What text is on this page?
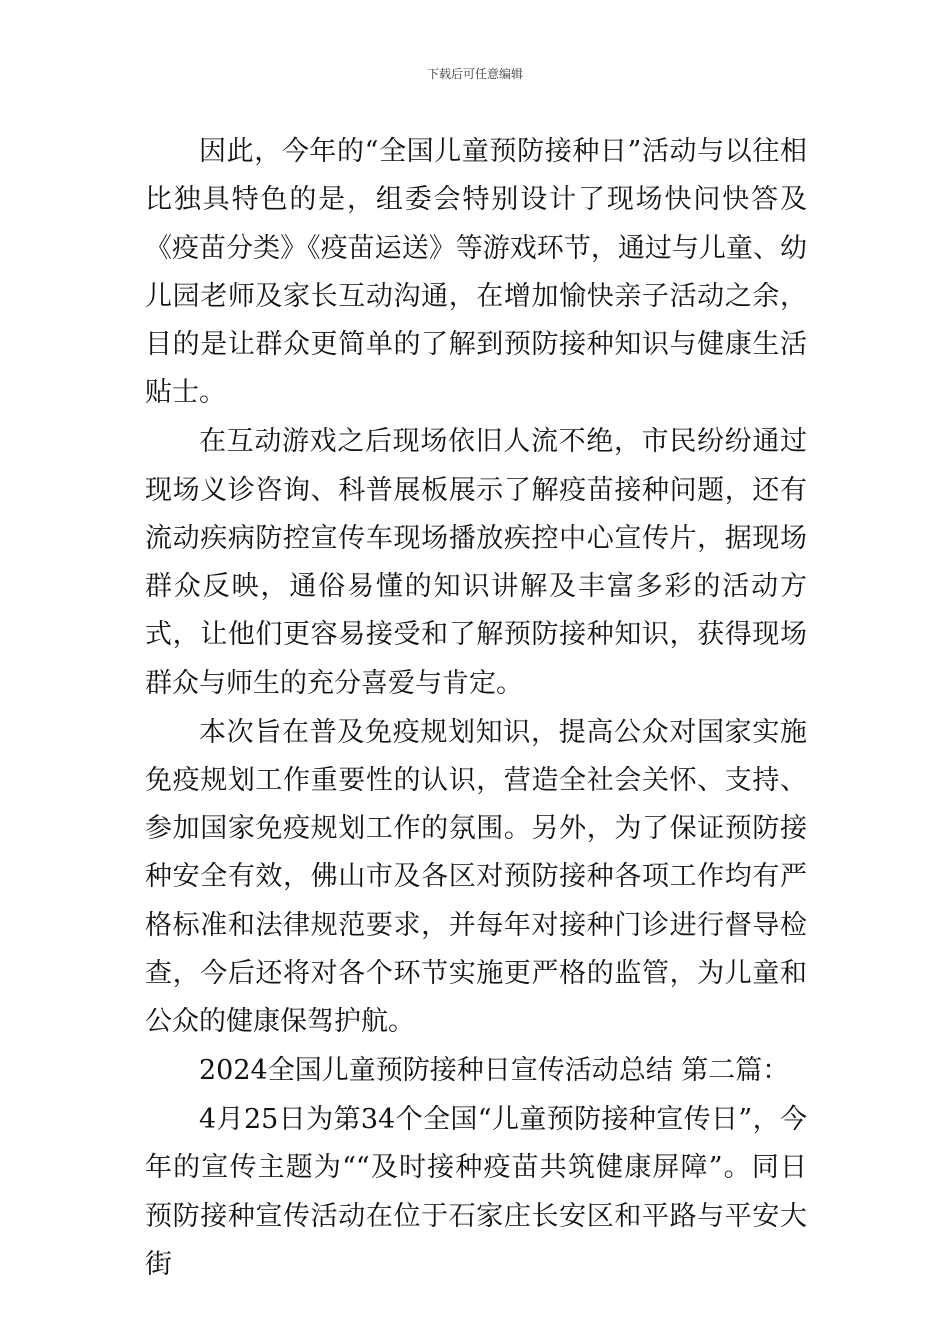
下载后可任意编辑

因此，今年的“全国儿童预防接种日”活动与以往相比独具特色的是，组委会特别设计了现场快问快答及《疫苗分类》《疫苗运送》等游戏环节，通过与儿童、幼儿园老师及家长互动沟通，在增加愉快亲子活动之余，目的是让群众更简单的了解到预防接种知识与健康生活贴士。

在互动游戏之后现场依旧人流不绝，市民纷纷通过现场义诊咨询、科普展板展示了解疫苗接种问题，还有流动疾病防控宣传车现场播放疾控中心宣传片，据现场群众反映，通俗易懂的知识讲解及丰富多彩的活动方式，让他们更容易接受和了解预防接种知识，获得现场群众与师生的充分喜爱与肯定。

本次旨在普及免疫规划知识，提高公众对国家实施免疫规划工作重要性的认识，营造全社会关怀、支持、参加国家免疫规划工作的氛围。另外，为了保证预防接种安全有效，佛山市及各区对预防接种各项工作均有严格标准和法律规范要求，并每年对接种门诊进行督导检查，今后还将对各个环节实施更严格的监管，为儿童和公众的健康保驾护航。

2024全国儿童预防接种日宣传活动总结 第二篇：

4月25日为第34个全国“儿童预防接种宣传日”，今年的宣传主题为““及时接种疫苗共筑健康屏障”。同日预防接种宣传活动在位于石家庄长安区和平路与平安大街
